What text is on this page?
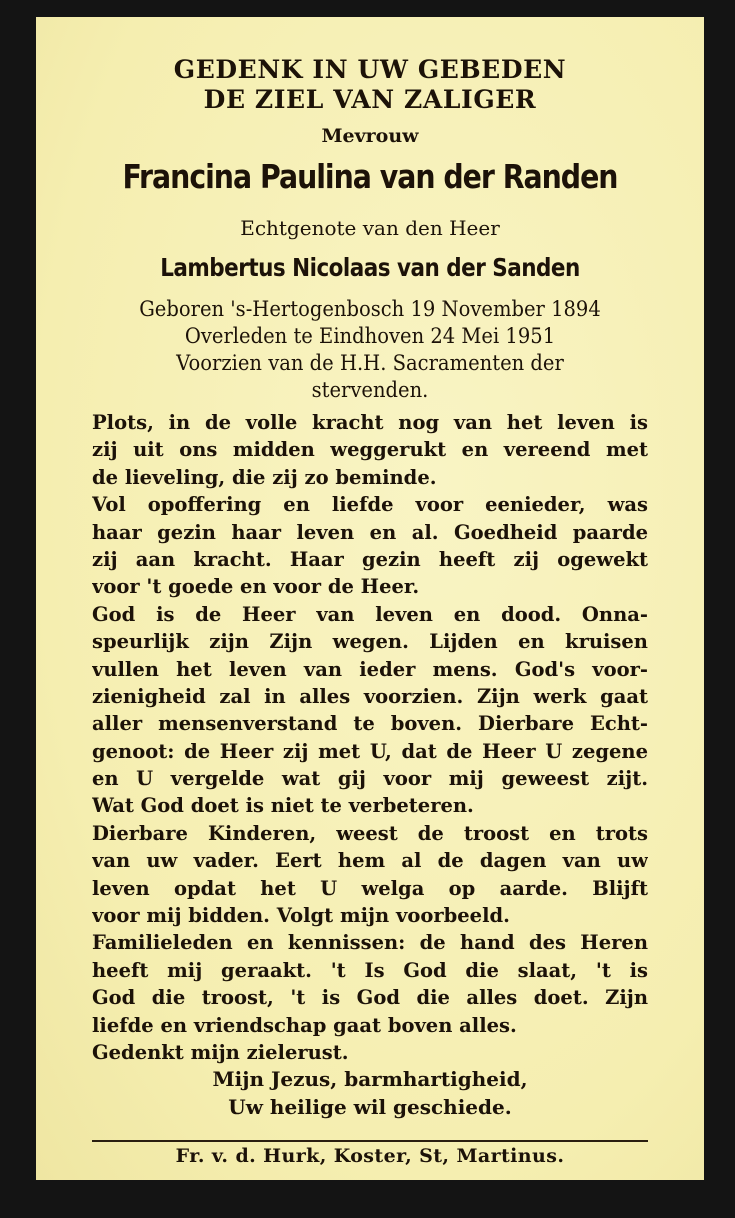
GEDENK IN UW GEBEDEN
DE ZIEL VAN ZALIGER
Mevrouw
Francina Paulina van der Randen
Echtgenote van den Heer
Lambertus Nicolaas van der Sanden
Geboren 's-Hertogenbosch 19 November 1894
Overleden te Eindhoven 24 Mei 1951
Voorzien van de H.H. Sacramenten der
stervenden.
Plots, in de volle kracht nog van het leven is
zij uit ons midden weggerukt en vereend met
de lieveling, die zij zo beminde.
Vol opoffering en liefde voor eenieder, was
haar gezin haar leven en al. Goedheid paarde
zij aan kracht. Haar gezin heeft zij ogewekt
voor 't goede en voor de Heer.
God is de Heer van leven en dood. Onna-
speurlijk zijn Zijn wegen. Lijden en kruisen
vullen het leven van ieder mens. God's voor-
zienigheid zal in alles voorzien. Zijn werk gaat
aller mensenverstand te boven. Dierbare Echt-
genoot: de Heer zij met U, dat de Heer U zegene
en U vergelde wat gij voor mij geweest zijt.
Wat God doet is niet te verbeteren.
Dierbare Kinderen, weest de troost en trots
van uw vader. Eert hem al de dagen van uw
leven opdat het U welga op aarde. Blijft
voor mij bidden. Volgt mijn voorbeeld.
Familieleden en kennissen: de hand des Heren
heeft mij geraakt. 't Is God die slaat, 't is
God die troost, 't is God die alles doet. Zijn
liefde en vriendschap gaat boven alles.
Gedenkt mijn zielerust.
Mijn Jezus, barmhartigheid,
Uw heilige wil geschiede.
Fr. v. d. Hurk, Koster, St, Martinus.
